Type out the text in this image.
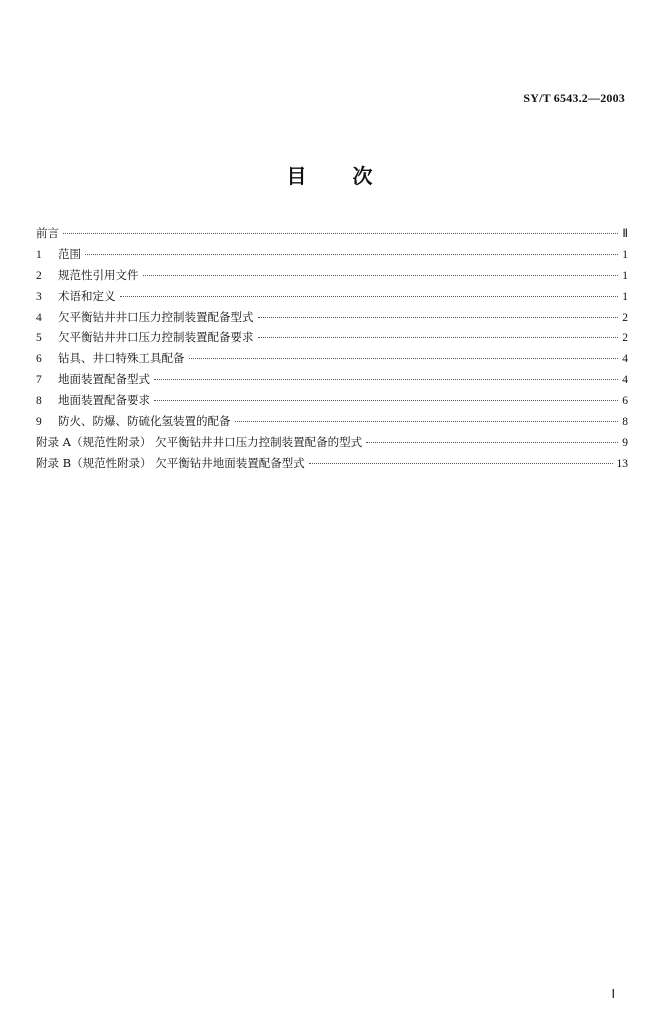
SY/T 6543.2—2003
目 次
前言	Ⅱ
1	范围	1
2	规范性引用文件	1
3	术语和定义	1
4	欠平衡钻井井口压力控制装置配备型式	2
5	欠平衡钻井井口压力控制装置配备要求	2
6	钻具、井口特殊工具配备	4
7	地面装置配备型式	4
8	地面装置配备要求	6
9	防火、防爆、防硫化氢装置的配备	8
附录 A（规范性附录） 欠平衡钻井井口压力控制装置配备的型式	9
附录 B（规范性附录） 欠平衡钻井地面装置配备型式	13
Ⅰ
